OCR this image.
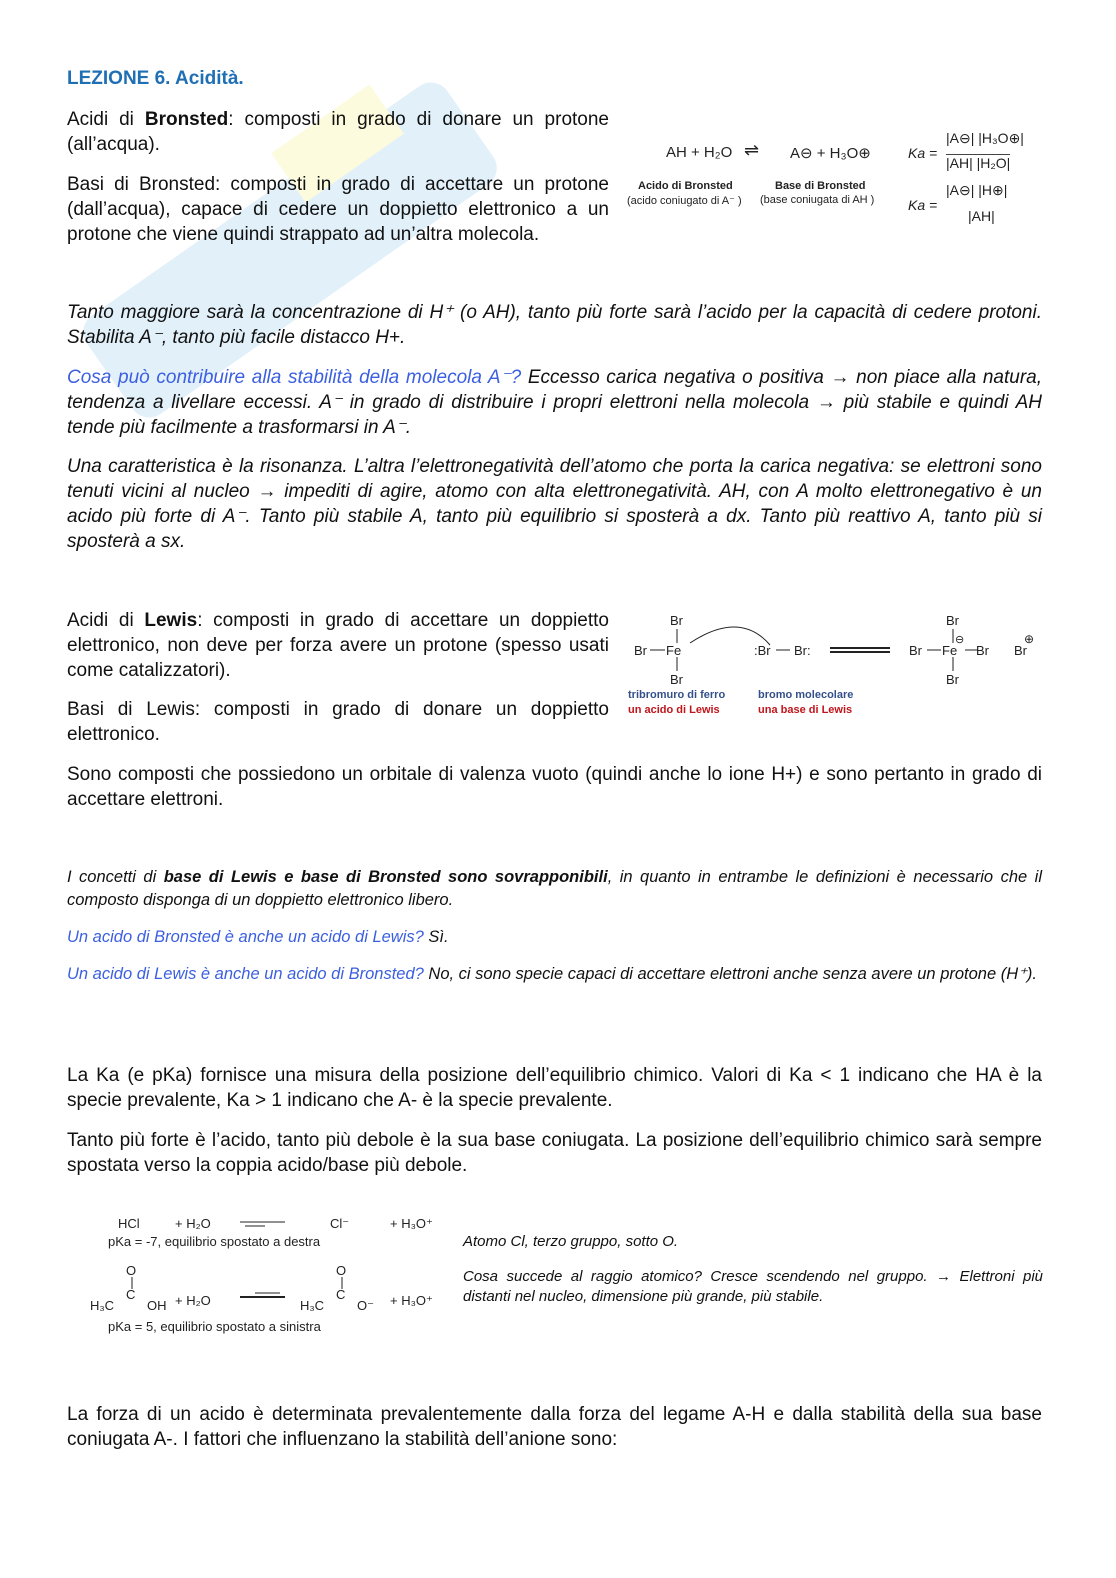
LEZIONE 6. Acidità.

Acidi di Bronsted: composti in grado di donare un protone (all’acqua).

Basi di Bronsted: composti in grado di accettare un protone (dall’acqua), capace di cedere un doppietto elettronico a un protone che viene quindi strappato ad un’altra molecola.

AH + H₂O ⇌ A⊖ + H₃O⊕
Acido di Bronsted
(acido coniugato di A⁻ )
Base di Bronsted
(base coniugata di AH )
Ka =
|A⊖| |H₃O⊕|
|AH| |H₂O|
Ka =
|A⊖| |H⊕|
|AH|

Tanto maggiore sarà la concentrazione di H⁺ (o AH), tanto più forte sarà l’acido per la capacità di cedere protoni. Stabilita A⁻, tanto più facile distacco H+.

Cosa può contribuire alla stabilità della molecola A⁻? Eccesso carica negativa o positiva → non piace alla natura, tendenza a livellare eccessi. A⁻ in grado di distribuire i propri elettroni nella molecola → più stabile e quindi AH tende più facilmente a trasformarsi in A⁻.

Una caratteristica è la risonanza. L’altra l’elettronegatività dell’atomo che porta la carica negativa: se elettroni sono tenuti vicini al nucleo → impediti di agire, atomo con alta elettronegatività. AH, con A molto elettronegativo è un acido più forte di A⁻. Tanto più stabile A, tanto più equilibrio si sposterà a dx. Tanto più reattivo A, tanto più si sposterà a sx.

Acidi di Lewis: composti in grado di accettare un doppietto elettronico, non deve per forza avere un protone (spesso usati come catalizzatori).

Basi di Lewis: composti in grado di donare un doppietto elettronico.

Br
Br Fe
Br
:Br Br:
Br
Br Fe
⊖
Br
Br
Br
⊕
tribromuro di ferro
un acido di Lewis
bromo molecolare
una base di Lewis

Sono composti che possiedono un orbitale di valenza vuoto (quindi anche lo ione H+) e sono pertanto in grado di accettare elettroni.

I concetti di base di Lewis e base di Bronsted sono sovrapponibili, in quanto in entrambe le definizioni è necessario che il composto disponga di un doppietto elettronico libero.

Un acido di Bronsted è anche un acido di Lewis? Sì.

Un acido di Lewis è anche un acido di Bronsted? No, ci sono specie capaci di accettare elettroni anche senza avere un protone (H⁺).

La Ka (e pKa) fornisce una misura della posizione dell’equilibrio chimico. Valori di Ka < 1 indicano che HA è la specie prevalente, Ka > 1 indicano che A- è la specie prevalente.

Tanto più forte è l’acido, tanto più debole è la sua base coniugata. La posizione dell’equilibrio chimico sarà sempre spostata verso la coppia acido/base più debole.

HCl	+ H₂O	Cl⁻	+ H₃O⁺
pKa = -7, equilibrio spostato a destra
O
C
H₃C	OH + H₂O
O
C
H₃C	O⁻ + H₃O⁺
pKa = 5, equilibrio spostato a sinistra

Atomo Cl, terzo gruppo, sotto O.

Cosa succede al raggio atomico? Cresce scendendo nel gruppo. → Elettroni più distanti nel nucleo, dimensione più grande, più stabile.

La forza di un acido è determinata prevalentemente dalla forza del legame A-H e dalla stabilità della sua base coniugata A-. I fattori che influenzano la stabilità dell’anione sono:
